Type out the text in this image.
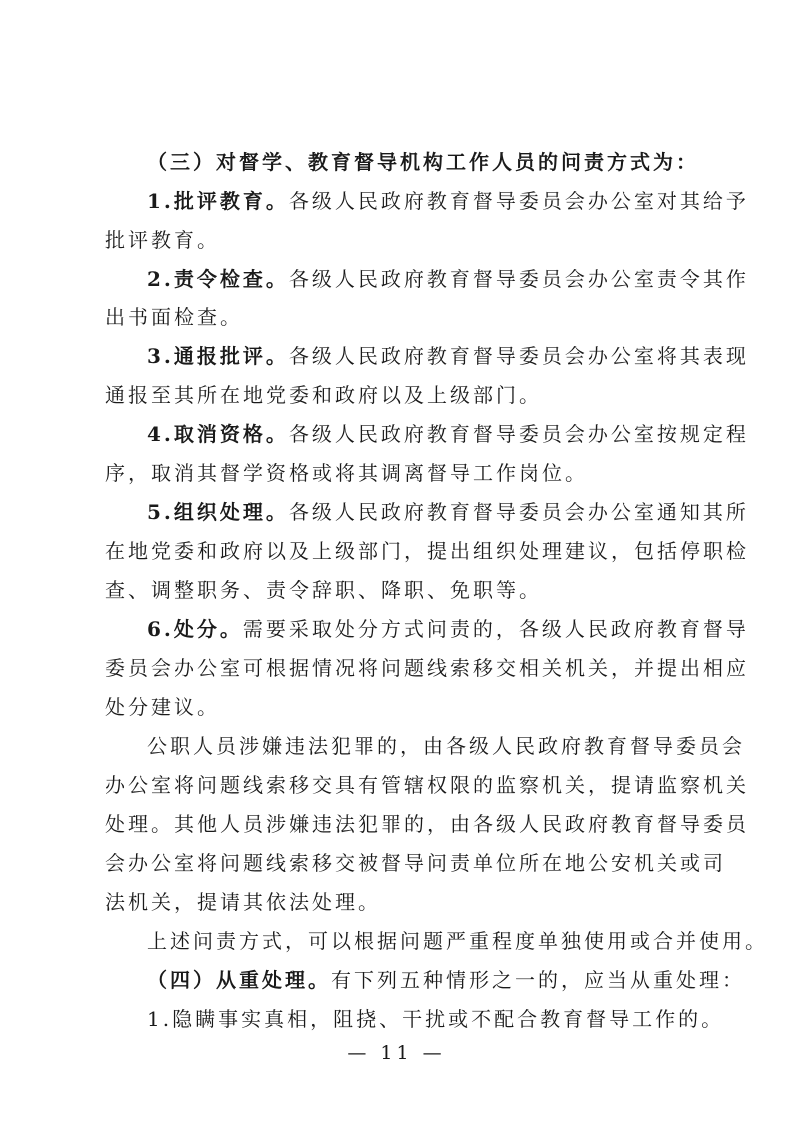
（三）对督学、教育督导机构工作人员的问责方式为：
1.批评教育。各级人民政府教育督导委员会办公室对其给予
批评教育。
2.责令检查。各级人民政府教育督导委员会办公室责令其作
出书面检查。
3.通报批评。各级人民政府教育督导委员会办公室将其表现
通报至其所在地党委和政府以及上级部门。
4.取消资格。各级人民政府教育督导委员会办公室按规定程
序，取消其督学资格或将其调离督导工作岗位。
5.组织处理。各级人民政府教育督导委员会办公室通知其所
在地党委和政府以及上级部门，提出组织处理建议，包括停职检
查、调整职务、责令辞职、降职、免职等。
6.处分。需要采取处分方式问责的，各级人民政府教育督导
委员会办公室可根据情况将问题线索移交相关机关，并提出相应
处分建议。
公职人员涉嫌违法犯罪的，由各级人民政府教育督导委员会
办公室将问题线索移交具有管辖权限的监察机关，提请监察机关
处理。其他人员涉嫌违法犯罪的，由各级人民政府教育督导委员
会办公室将问题线索移交被督导问责单位所在地公安机关或司
法机关，提请其依法处理。
上述问责方式，可以根据问题严重程度单独使用或合并使用。
（四）从重处理。有下列五种情形之一的，应当从重处理：
1.隐瞒事实真相，阻挠、干扰或不配合教育督导工作的。
— 11 —
